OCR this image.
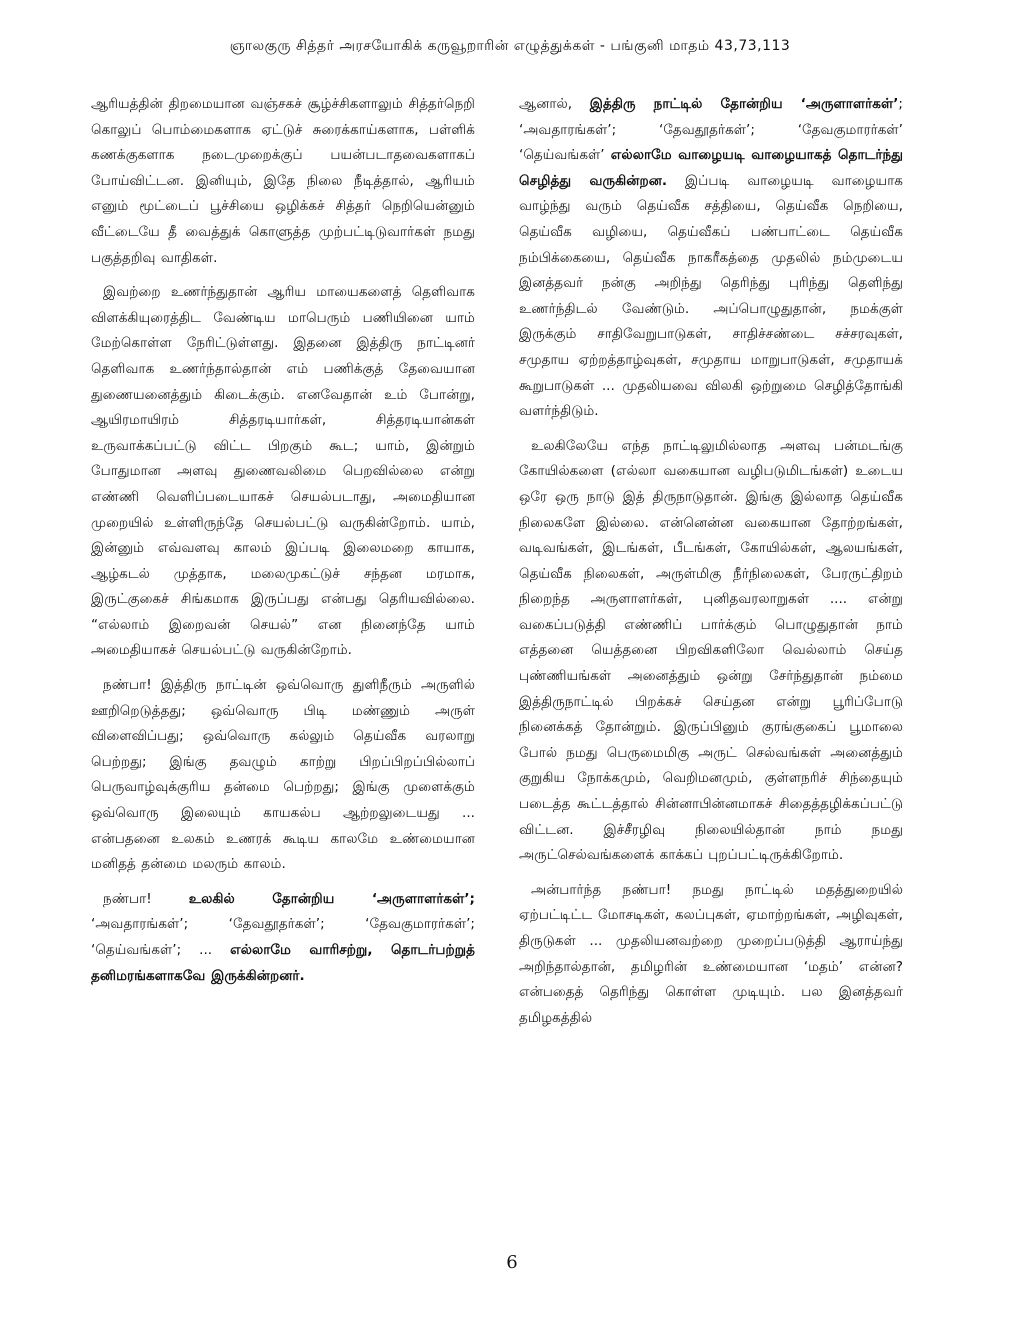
ஞாலகுரு சித்தர் அரசயோகிக் கருவூறாரின் எழுத்துக்கள் - பங்குனி மாதம் 43,73,113

ஆரியத்தின் திறமையான வஞ்சகச் சூழ்ச்சிகளாலும் சித்தர்நெறி கொலுப் பொம்மைகளாக ஏட்டுச் சுரைக்காய்களாக, பள்ளிக் கணக்குகளாக நடைமுறைக்குப் பயன்படாதவைகளாகப் போய்விட்டன. இனியும், இதே நிலை நீடித்தால், ஆரியம் எனும் மூட்டைப் பூச்சியை ஒழிக்கச் சித்தர் நெறியென்னும் வீட்டையே தீ வைத்துக் கொளுத்த முற்பட்டிடுவார்கள் நமது பகுத்தறிவு வாதிகள்.

இவற்றை உணர்ந்துதான் ஆரிய மாயைகளைத் தெளிவாக விளக்கியுரைத்திட வேண்டிய மாபெரும் பணியினை யாம் மேற்கொள்ள நேரிட்டுள்ளது. இதனை இத்திரு நாட்டினர் தெளிவாக உணர்ந்தால்தான் எம் பணிக்குத் தேவையான துணையனைத்தும் கிடைக்கும். எனவேதான் உம் போன்று, ஆயிரமாயிரம் சித்தரடியார்கள், சித்தரடியான்கள் உருவாக்கப்பட்டு விட்ட பிறகும் கூட; யாம், இன்றும் போதுமான அளவு துணைவலிமை பெறவில்லை என்று எண்ணி வெளிப்படையாகச் செயல்படாது, அமைதியான முறையில் உள்ளிருந்தே செயல்பட்டு வருகின்றோம். யாம், இன்னும் எவ்வளவு காலம் இப்படி இலைமறை காயாக, ஆழ்கடல் முத்தாக, மலைமுகட்டுச் சந்தன மரமாக, இருட்குகைச் சிங்கமாக இருப்பது என்பது தெரியவில்லை. “எல்லாம் இறைவன் செயல்” என நினைந்தே யாம் அமைதியாகச் செயல்பட்டு வருகின்றோம்.

நண்பா! இத்திரு நாட்டின் ஒவ்வொரு துளிநீரும் அருளில் ஊறிறெடுத்தது; ஒவ்வொரு பிடி மண்ணும் அருள் விளைவிப்பது; ஒவ்வொரு கல்லும் தெய்வீக வரலாறு பெற்றது; இங்கு தவழும் காற்று பிறப்பிறப்பில்லாப் பெருவாழ்வுக்குரிய தன்மை பெற்றது; இங்கு முளைக்கும் ஒவ்வொரு இலையும் காயகல்ப ஆற்றலுடையது ... என்பதனை உலகம் உணரக் கூடிய காலமே உண்மையான மனிதத் தன்மை மலரும் காலம்.

நண்பா!	உலகில் தோன்றிய ‘அருளாளர்கள்’; ‘அவதாரங்கள்’; ‘தேவதூதர்கள்’; ‘தேவகுமாரர்கள்’; ‘தெய்வங்கள்’; ... எல்லாமே வாரிசற்று, தொடர்பற்றுத் தனிமரங்களாகவே இருக்கின்றனர்.

ஆனால், இத்திரு நாட்டில் தோன்றிய ‘அருளாளர்கள்’; ‘அவதாரங்கள்’; ‘தேவதூதர்கள்’; ‘தேவகுமாரர்கள்’ ‘தெய்வங்கள்’ எல்லாமே வாழையடி வாழையாகத் தொடர்ந்து செழித்து வருகின்றன. இப்படி வாழையடி வாழையாக வாழ்ந்து வரும் தெய்வீக சத்தியை, தெய்வீக நெறியை, தெய்வீக வழியை, தெய்வீகப் பண்பாட்டை தெய்வீக நம்பிக்கையை, தெய்வீக நாகரீகத்தை முதலில் நம்முடைய இனத்தவர் நன்கு அறிந்து தெரிந்து புரிந்து தெளிந்து உணர்ந்திடல் வேண்டும். அப்பொழுதுதான், நமக்குள் இருக்கும் சாதிவேறுபாடுகள், சாதிச்சண்டை சச்சரவுகள், சமுதாய ஏற்றத்தாழ்வுகள், சமுதாய மாறுபாடுகள், சமுதாயக் கூறுபாடுகள் ... முதலியவை விலகி ஒற்றுமை செழித்தோங்கி வளர்ந்திடும்.

உலகிலேயே எந்த நாட்டிலுமில்லாத அளவு பன்மடங்கு கோயில்களை (எல்லா வகையான வழிபடுமிடங்கள்) உடைய ஒரே ஒரு நாடு இத் திருநாடுதான். இங்கு இல்லாத தெய்வீக நிலைகளே இல்லை. என்னென்ன வகையான தோற்றங்கள், வடிவங்கள், இடங்கள், பீடங்கள், கோயில்கள், ஆலயங்கள், தெய்வீக நிலைகள், அருள்மிகு நீர்நிலைகள், பேரருட்திறம் நிறைந்த அருளாளர்கள், புனிதவரலாறுகள் .... என்று வகைப்படுத்தி எண்ணிப் பார்க்கும் பொழுதுதான் நாம் எத்தனை யெத்தனை பிறவிகளிலோ வெல்லாம் செய்த புண்ணியங்கள் அனைத்தும் ஒன்று சேர்ந்துதான் நம்மை இத்திருநாட்டில் பிறக்கச் செய்தன என்று பூரிப்போடு நினைக்கத் தோன்றும். இருப்பினும் குரங்குகைப் பூமாலை போல் நமது பெருமைமிகு அருட் செல்வங்கள் அனைத்தும் குறுகிய நோக்கமும், வெறிமனமும், குள்ளநரிச் சிந்தையும் படைத்த கூட்டத்தால் சின்னாபின்னமாகச் சிதைத்தழிக்கப்பட்டு விட்டன. இச்சீரழிவு நிலையில்தான் நாம் நமது அருட்செல்வங்களைக் காக்கப் புறப்பட்டிருக்கிறோம்.

அன்பார்ந்த நண்பா! நமது நாட்டில் மதத்துறையில் ஏற்பட்டிட்ட மோசடிகள், கலப்புகள், ஏமாற்றங்கள், அழிவுகள், திருடுகள் ... முதலியனவற்றை முறைப்படுத்தி ஆராய்ந்து அறிந்தால்தான், தமிழரின் உண்மையான ‘மதம்’ என்ன? என்பதைத் தெரிந்து கொள்ள முடியும். பல இனத்தவர் தமிழகத்தில்

6
